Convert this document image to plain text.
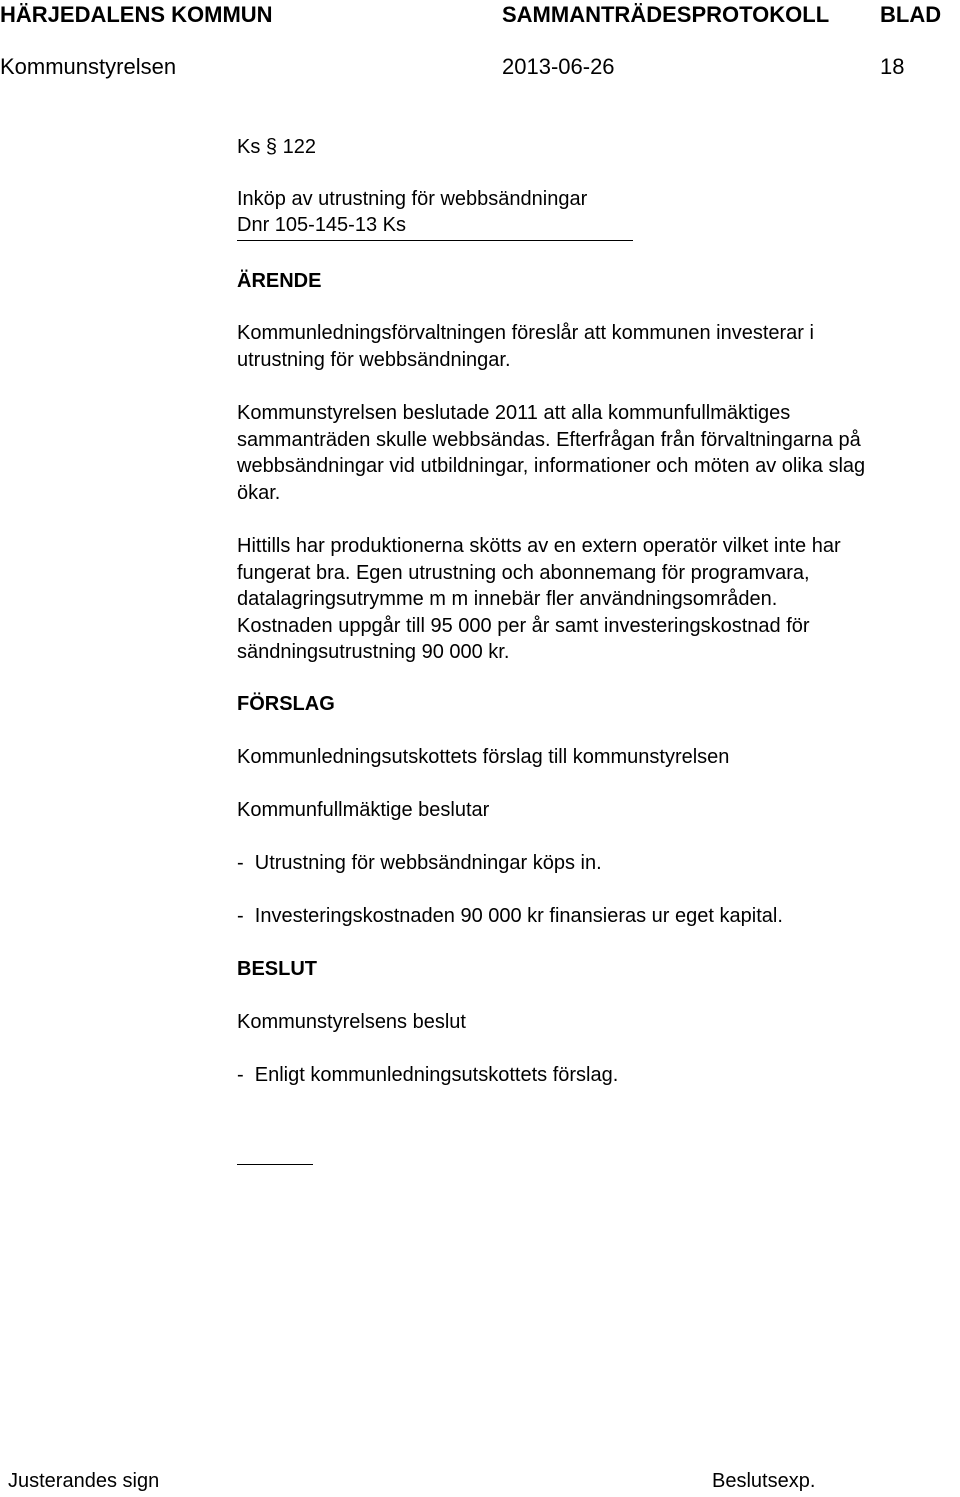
HÄRJEDALENS KOMMUN	SAMMANTRÄDESPROTOKOLL BLAD

Kommunstyrelsen	2013-06-26	18

Ks § 122

Inköp av utrustning för webbsändningar

Dnr 105-145-13 Ks

ÄRENDE

Kommunledningsförvaltningen föreslår att kommunen investerar i

utrustning för webbsändningar.

Kommunstyrelsen beslutade 2011 att alla kommunfullmäktiges

sammanträden skulle webbsändas. Efterfrågan från förvaltningarna på

webbsändningar vid utbildningar, informationer och möten av olika slag

ökar.

Hittills har produktionerna skötts av en extern operatör vilket inte har

fungerat bra. Egen utrustning och abonnemang för programvara,

datalagringsutrymme m m innebär fler användningsområden.

Kostnaden uppgår till 95 000 per år samt investeringskostnad för

sändningsutrustning 90 000 kr.

FÖRSLAG

Kommunledningsutskottets förslag till kommunstyrelsen

Kommunfullmäktige beslutar

-  Utrustning för webbsändningar köps in.

-  Investeringskostnaden 90 000 kr finansieras ur eget kapital.

BESLUT

Kommunstyrelsens beslut

-  Enligt kommunledningsutskottets förslag.

Justerandes sign	Beslutsexp.
